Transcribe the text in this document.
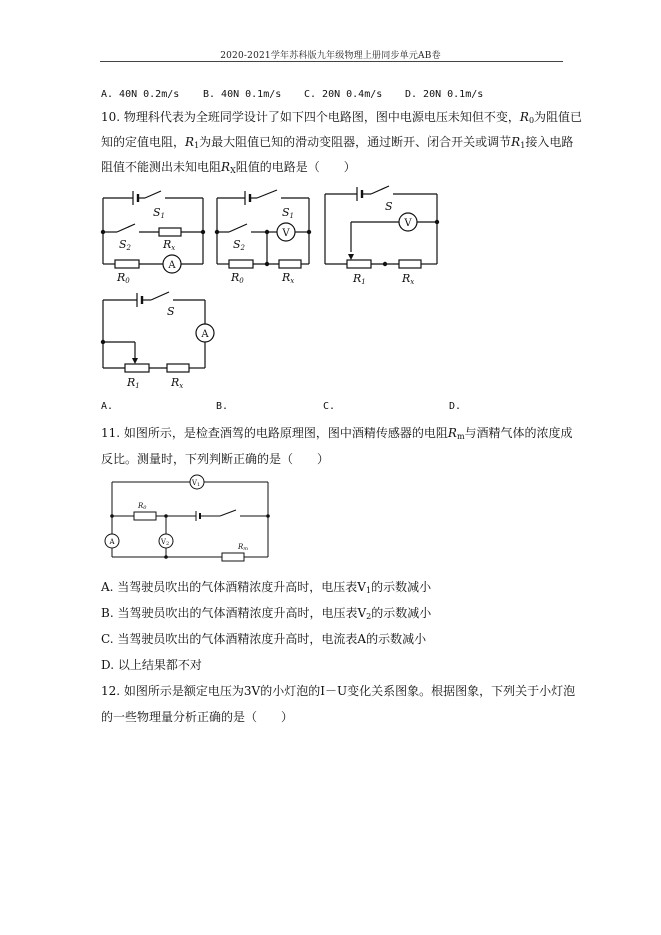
2020-2021学年苏科版九年级物理上册同步单元AB卷
A. 40N 0.2m/s B. 40N 0.1m/s C. 20N 0.4m/s D. 20N 0.1m/s
10. 物理科代表为全班同学设计了如下四个电路图，图中电源电压未知但不变，$R_0$为阻值已
知的定值电阻，$R_1$为最大阻值已知的滑动变阻器，通过断开、闭合开关或调节$R_1$接入电路
阻值不能测出未知电阻$R_X$阻值的电路是（　　）
S1
S2	Rx
R0
S1
S2
R0	Rx
S
R1	Rx
S
R1	Rx
A
V
V
A
A.	B.	C.	D.
11. 如图所示，是检查酒驾的电路原理图，图中酒精传感器的电阻$R_m$与酒精气体的浓度成
反比。测量时，下列判断正确的是（　　）
V1
V2
A
R0
Rm
A. 当驾驶员吹出的气体酒精浓度升高时，电压表$V_1$的示数减小
B. 当驾驶员吹出的气体酒精浓度升高时，电压表$V_2$的示数减小
C. 当驾驶员吹出的气体酒精浓度升高时，电流表A的示数减小
D. 以上结果都不对
12. 如图所示是额定电压为3V的小灯泡的I－U变化关系图象。根据图象，下列关于小灯泡
的一些物理量分析正确的是（　　）
